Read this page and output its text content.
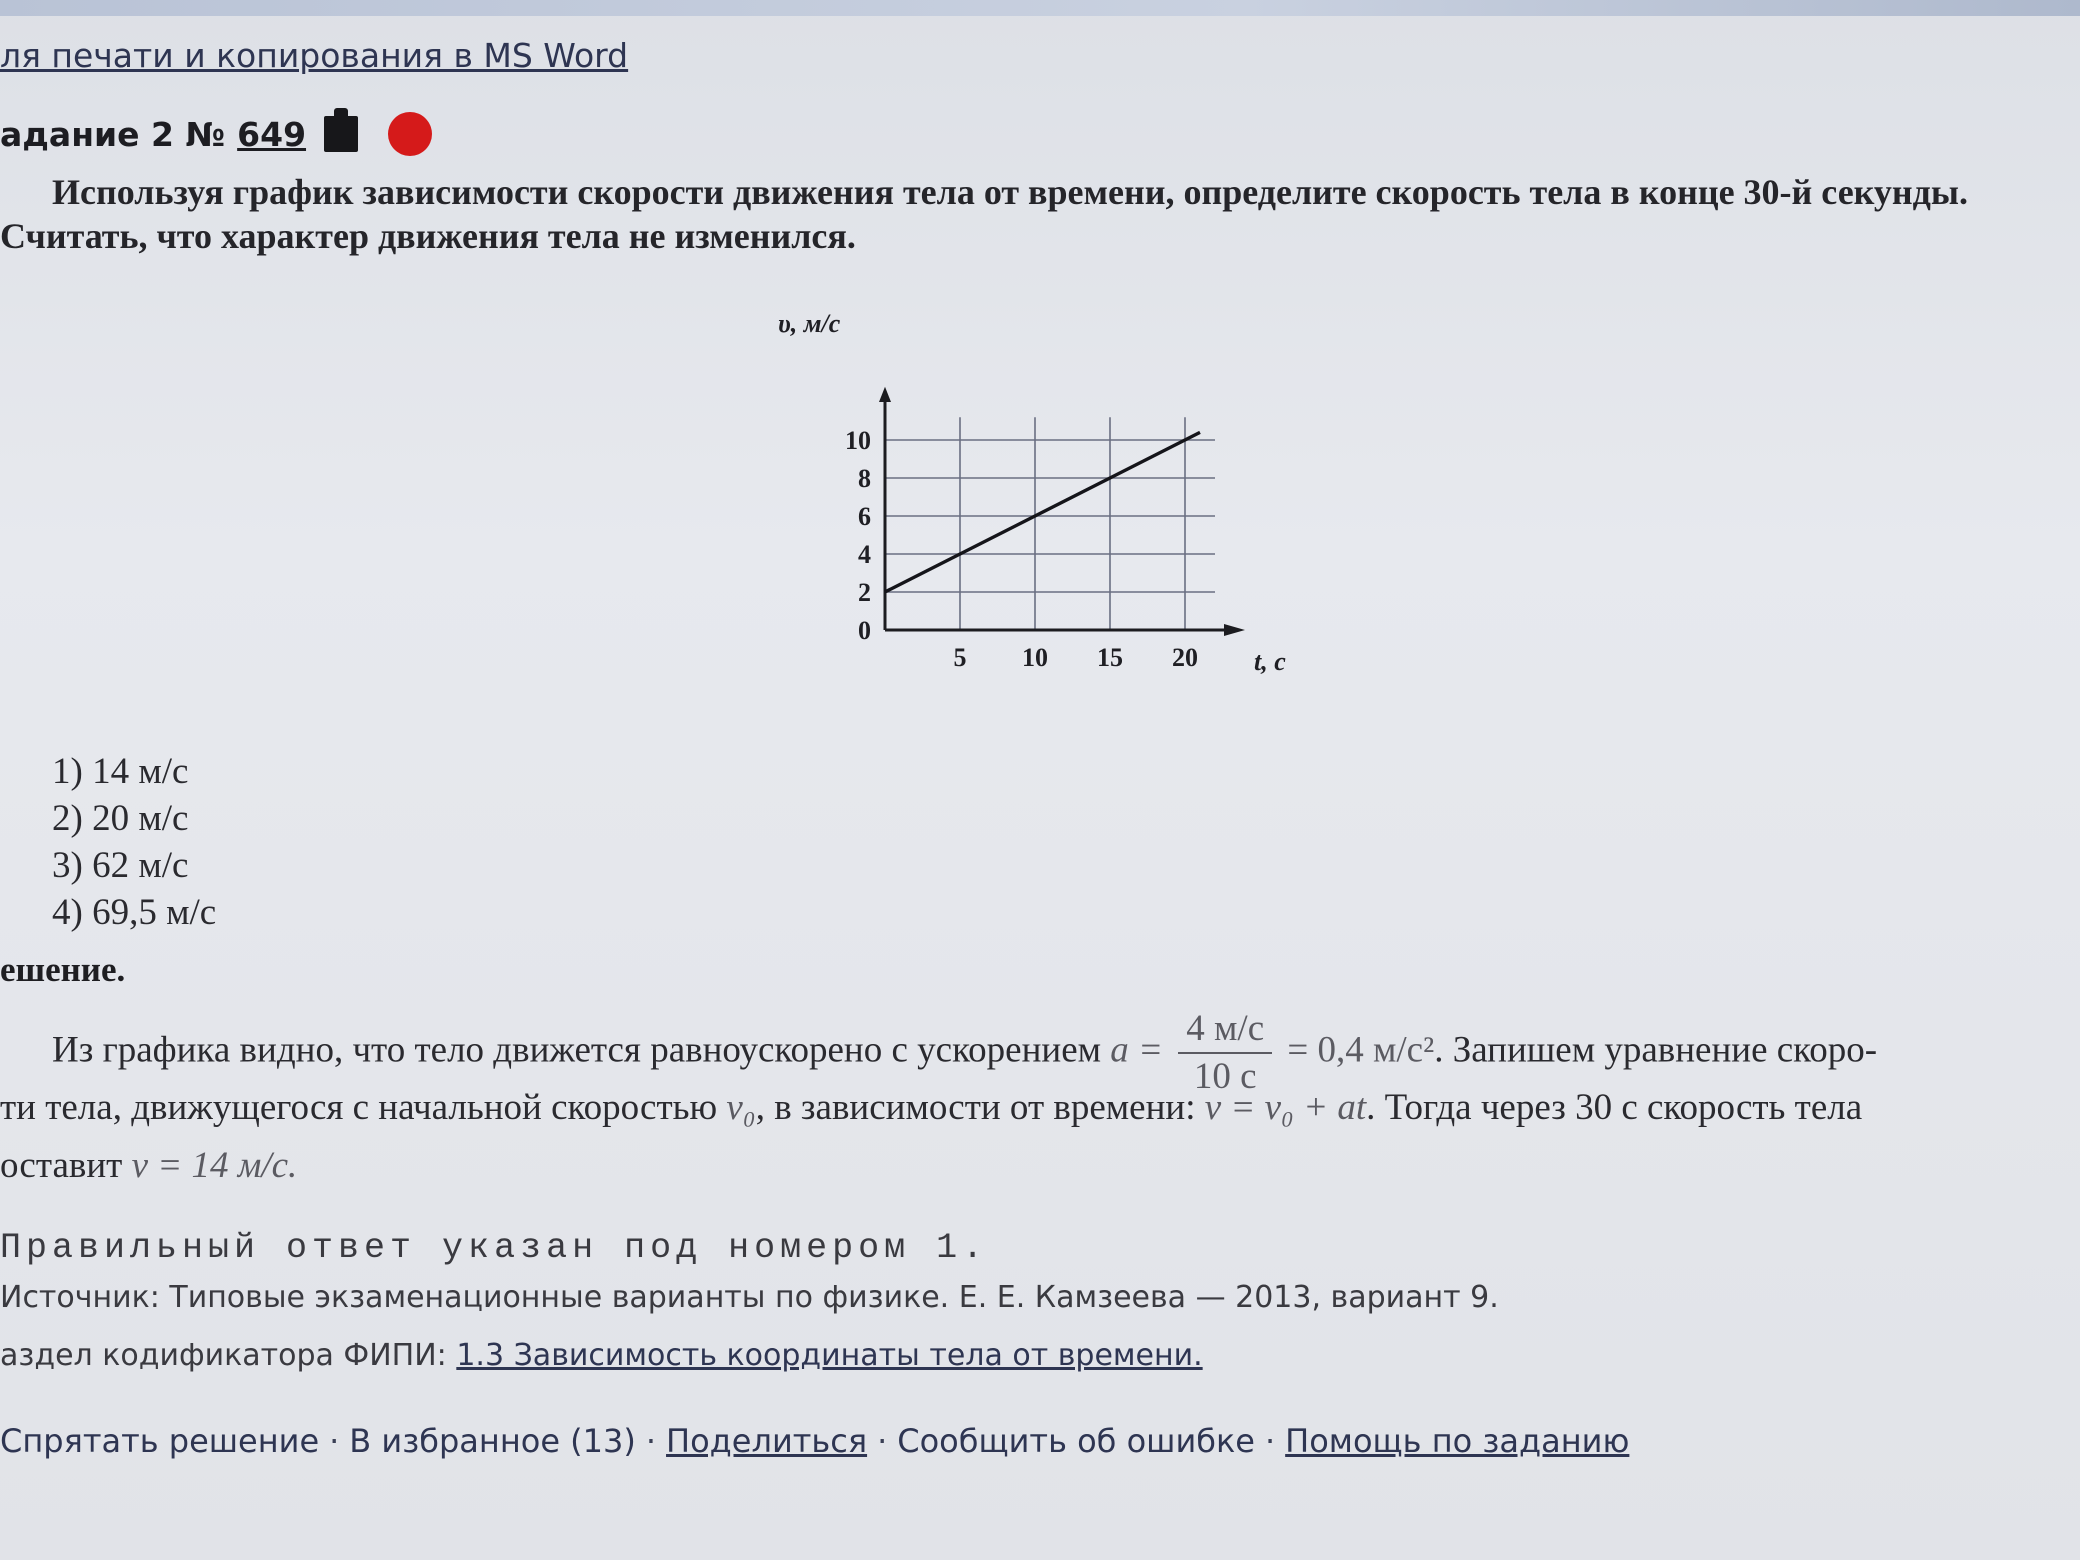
ля печати и копирования в MS Word
адание 2 № 649
Используя график зависимости скорости движения тела от времени, определите скорость тела в конце 30-й секунды. Считать, что характер движения тела не изменился.
5 10 15 20
0
2
4
6
8
10
υ, м/с
t, с
1) 14 м/с
2) 20 м/с
3) 62 м/с
4) 69,5 м/с
ешение.
Из графика видно, что тело движется равноускорено с ускорением $a = \frac{4 м/с}{10 с} = 0,4$ м/с². Запишем уравнение скоро-
ти тела, движущегося с начальной скоростью v₀, в зависимости от времени: v = v₀ + at. Тогда через 30 с скорость тела
оставит v = 14 м/с.
Правильный ответ указан под номером 1.
Источник: Типовые экзаменационные варианты по физике. Е. Е. Камзеева — 2013, вариант 9.
аздел кодификатора ФИПИ: 1.3 Зависимость координаты тела от времени.
Спрятать решение · В избранное (13) · Поделиться · Сообщить об ошибке · Помощь по заданию
